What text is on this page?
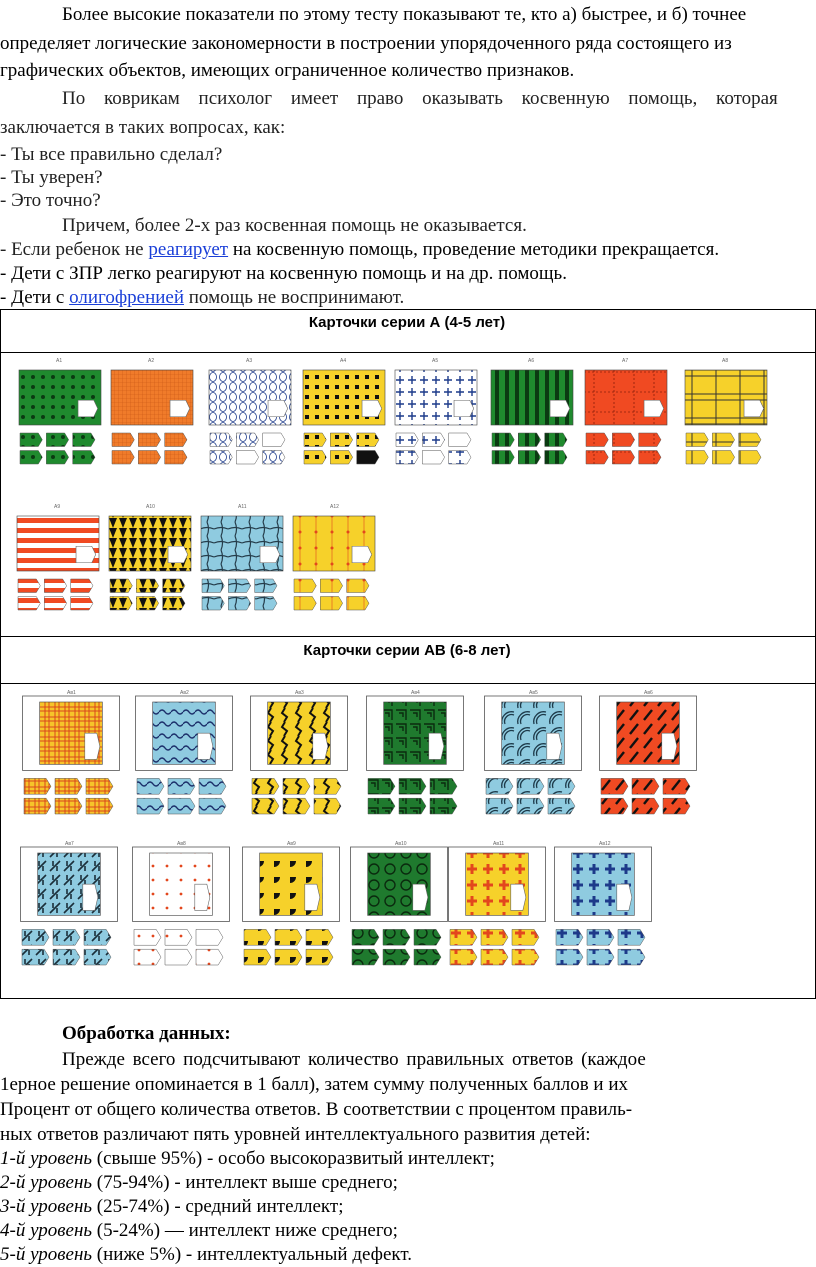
Более высокие показатели по этому тесту показывают те, кто а) быстрее, и б) точнее
определяет логические закономерности в построении упорядоченного ряда состоящего из
графических объектов, имеющих ограниченное количество признаков.
По коврикам психолог имеет право оказывать косвенную помощь, которая
заключается в таких вопросах, как:
- Ты все правильно сделал?
- Ты уверен?
- Это точно?
Причем, более 2-х раз косвенная помощь не оказывается.
- Если ребенок не реагирует на косвенную помощь, проведение методики прекращается.
- Дети с ЗПР легко реагируют на косвенную помощь и на др. помощь.
- Дети с олигофренией помощь не воспринимают.
Карточки серии А (4-5 лет)
Карточки серии АВ (6-8 лет)
А1	А2	А3	А4	А5	А6	А7	А8
А9	А10	А11	А12
Ав1	Ав2	Ав3	Ав4	Ав5	Ав6
Ав7	Ав8	Ав9	Ав10	Ав11	Ав12
Обработка данных:
Прежде всего подсчитывают количество правильных ответов (каждое
1ерное решение опоминается в 1 балл), затем сумму полученных баллов и их
Процент от общего количества ответов. В соответствии с процентом правиль-
ных ответов различают пять уровней интеллектуального развития детей:
1-й уровень (свыше 95%) - особо высокоразвитый интеллект;
2-й уровень (75-94%) - интеллект выше среднего;
3-й уровень (25-74%) - средний интеллект;
4-й уровень (5-24%) — интеллект ниже среднего;
5-й уровень (ниже 5%) - интеллектуальный дефект.
